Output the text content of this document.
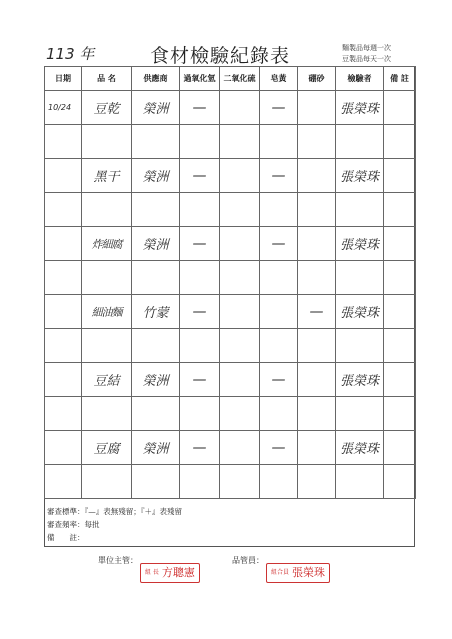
113 年	食材檢驗紀錄表	麵製品每週一次
豆製品每天一次
日期	品 名	供應商	過氧化氫	二氧化硫	皂黃	硼砂	檢驗者	備 註
10/24	豆乾	榮洲	—		—		張榮珠	

	黑干	榮洲	—		—		張榮珠	

	炸細腐	榮洲	—		—		張榮珠	

	細油麵	竹蒙	—			—	張榮珠	

	豆結	榮洲	—		—		張榮珠	

	豆腐	榮洲	—		—		張榮珠	

審查標準：『—』表無殘留；『＋』表殘留
審查頻率：每批
備　　註：
單位主管：
組 長 方聰憲
品管員：
組合員 張榮珠
